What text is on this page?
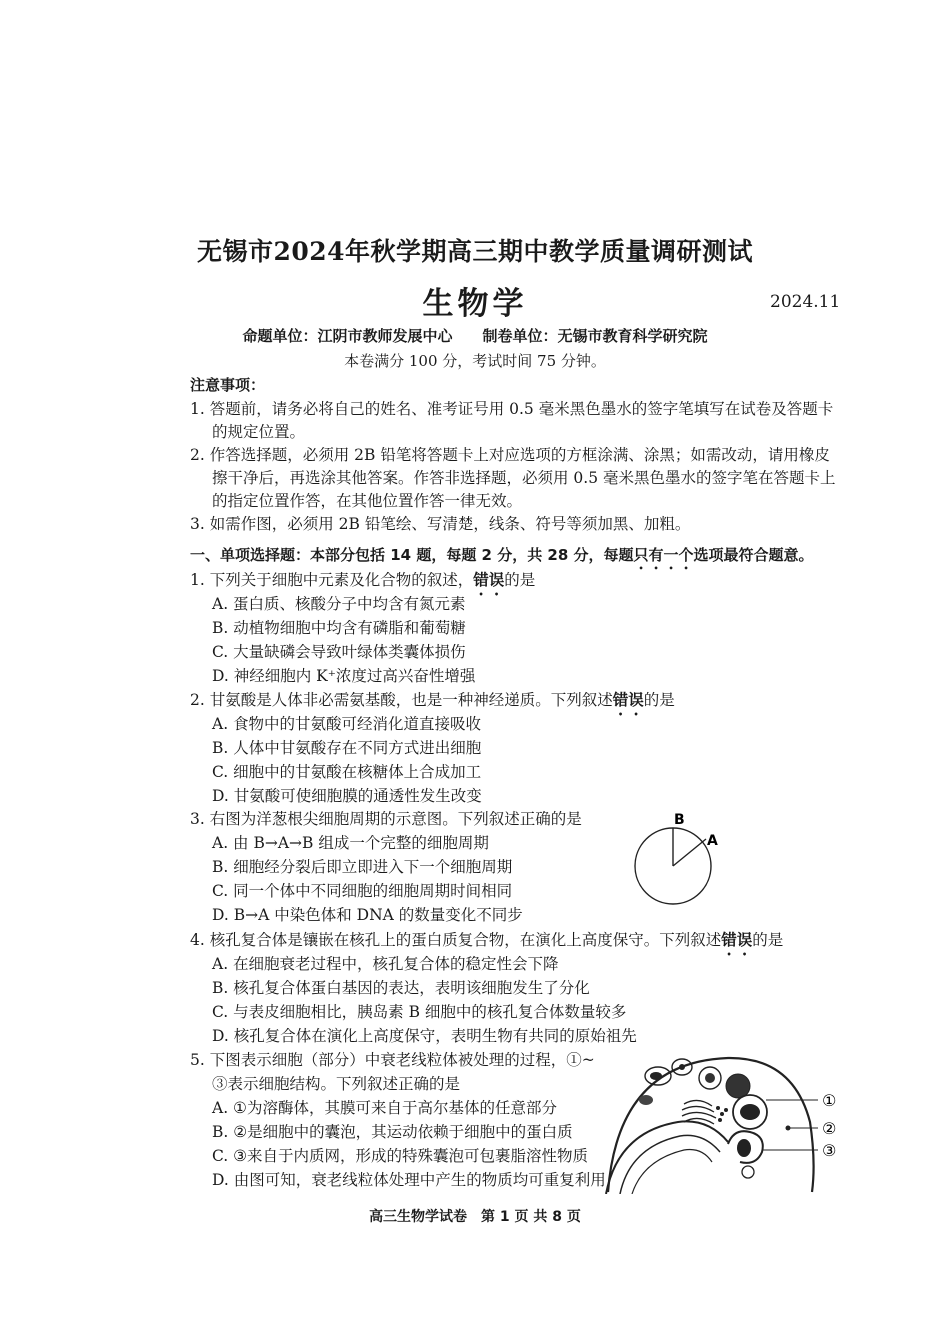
无锡市2024年秋学期高三期中教学质量调研测试
生物学	2024.11
命题单位：江阴市教师发展中心　　制卷单位：无锡市教育科学研究院
本卷满分 100 分，考试时间 75 分钟。
注意事项：
1. 答题前，请务必将自己的姓名、准考证号用 0.5 毫米黑色墨水的签字笔填写在试卷及答题卡
的规定位置。
2. 作答选择题，必须用 2B 铅笔将答题卡上对应选项的方框涂满、涂黑；如需改动，请用橡皮
擦干净后，再选涂其他答案。作答非选择题，必须用 0.5 毫米黑色墨水的签字笔在答题卡上
的指定位置作答，在其他位置作答一律无效。
3. 如需作图，必须用 2B 铅笔绘、写清楚，线条、符号等须加黑、加粗。
一、单项选择题：本部分包括 14 题，每题 2 分，共 28 分，每题只有一个选项最符合题意。
1. 下列关于细胞中元素及化合物的叙述，错误的是
A. 蛋白质、核酸分子中均含有氮元素
B. 动植物细胞中均含有磷脂和葡萄糖
C. 大量缺磷会导致叶绿体类囊体损伤
D. 神经细胞内 K⁺浓度过高兴奋性增强
2. 甘氨酸是人体非必需氨基酸，也是一种神经递质。下列叙述错误的是
A. 食物中的甘氨酸可经消化道直接吸收
B. 人体中甘氨酸存在不同方式进出细胞
C. 细胞中的甘氨酸在核糖体上合成加工
D. 甘氨酸可使细胞膜的通透性发生改变
3. 右图为洋葱根尖细胞周期的示意图。下列叙述正确的是
A. 由 B→A→B 组成一个完整的细胞周期
B. 细胞经分裂后即立即进入下一个细胞周期
C. 同一个体中不同细胞的细胞周期时间相同
D. B→A 中染色体和 DNA 的数量变化不同步
B
A
4. 核孔复合体是镶嵌在核孔上的蛋白质复合物，在演化上高度保守。下列叙述错误的是
A. 在细胞衰老过程中，核孔复合体的稳定性会下降
B. 核孔复合体蛋白基因的表达，表明该细胞发生了分化
C. 与表皮细胞相比，胰岛素 B 细胞中的核孔复合体数量较多
D. 核孔复合体在演化上高度保守，表明生物有共同的原始祖先
5. 下图表示细胞（部分）中衰老线粒体被处理的过程，①~
③表示细胞结构。下列叙述正确的是
A. ①为溶酶体，其膜可来自于高尔基体的任意部分
B. ②是细胞中的囊泡，其运动依赖于细胞中的蛋白质
C. ③来自于内质网，形成的特殊囊泡可包裹脂溶性物质
D. 由图可知，衰老线粒体处理中产生的物质均可重复利用
①
②
③
高三生物学试卷　第 1 页 共 8 页
